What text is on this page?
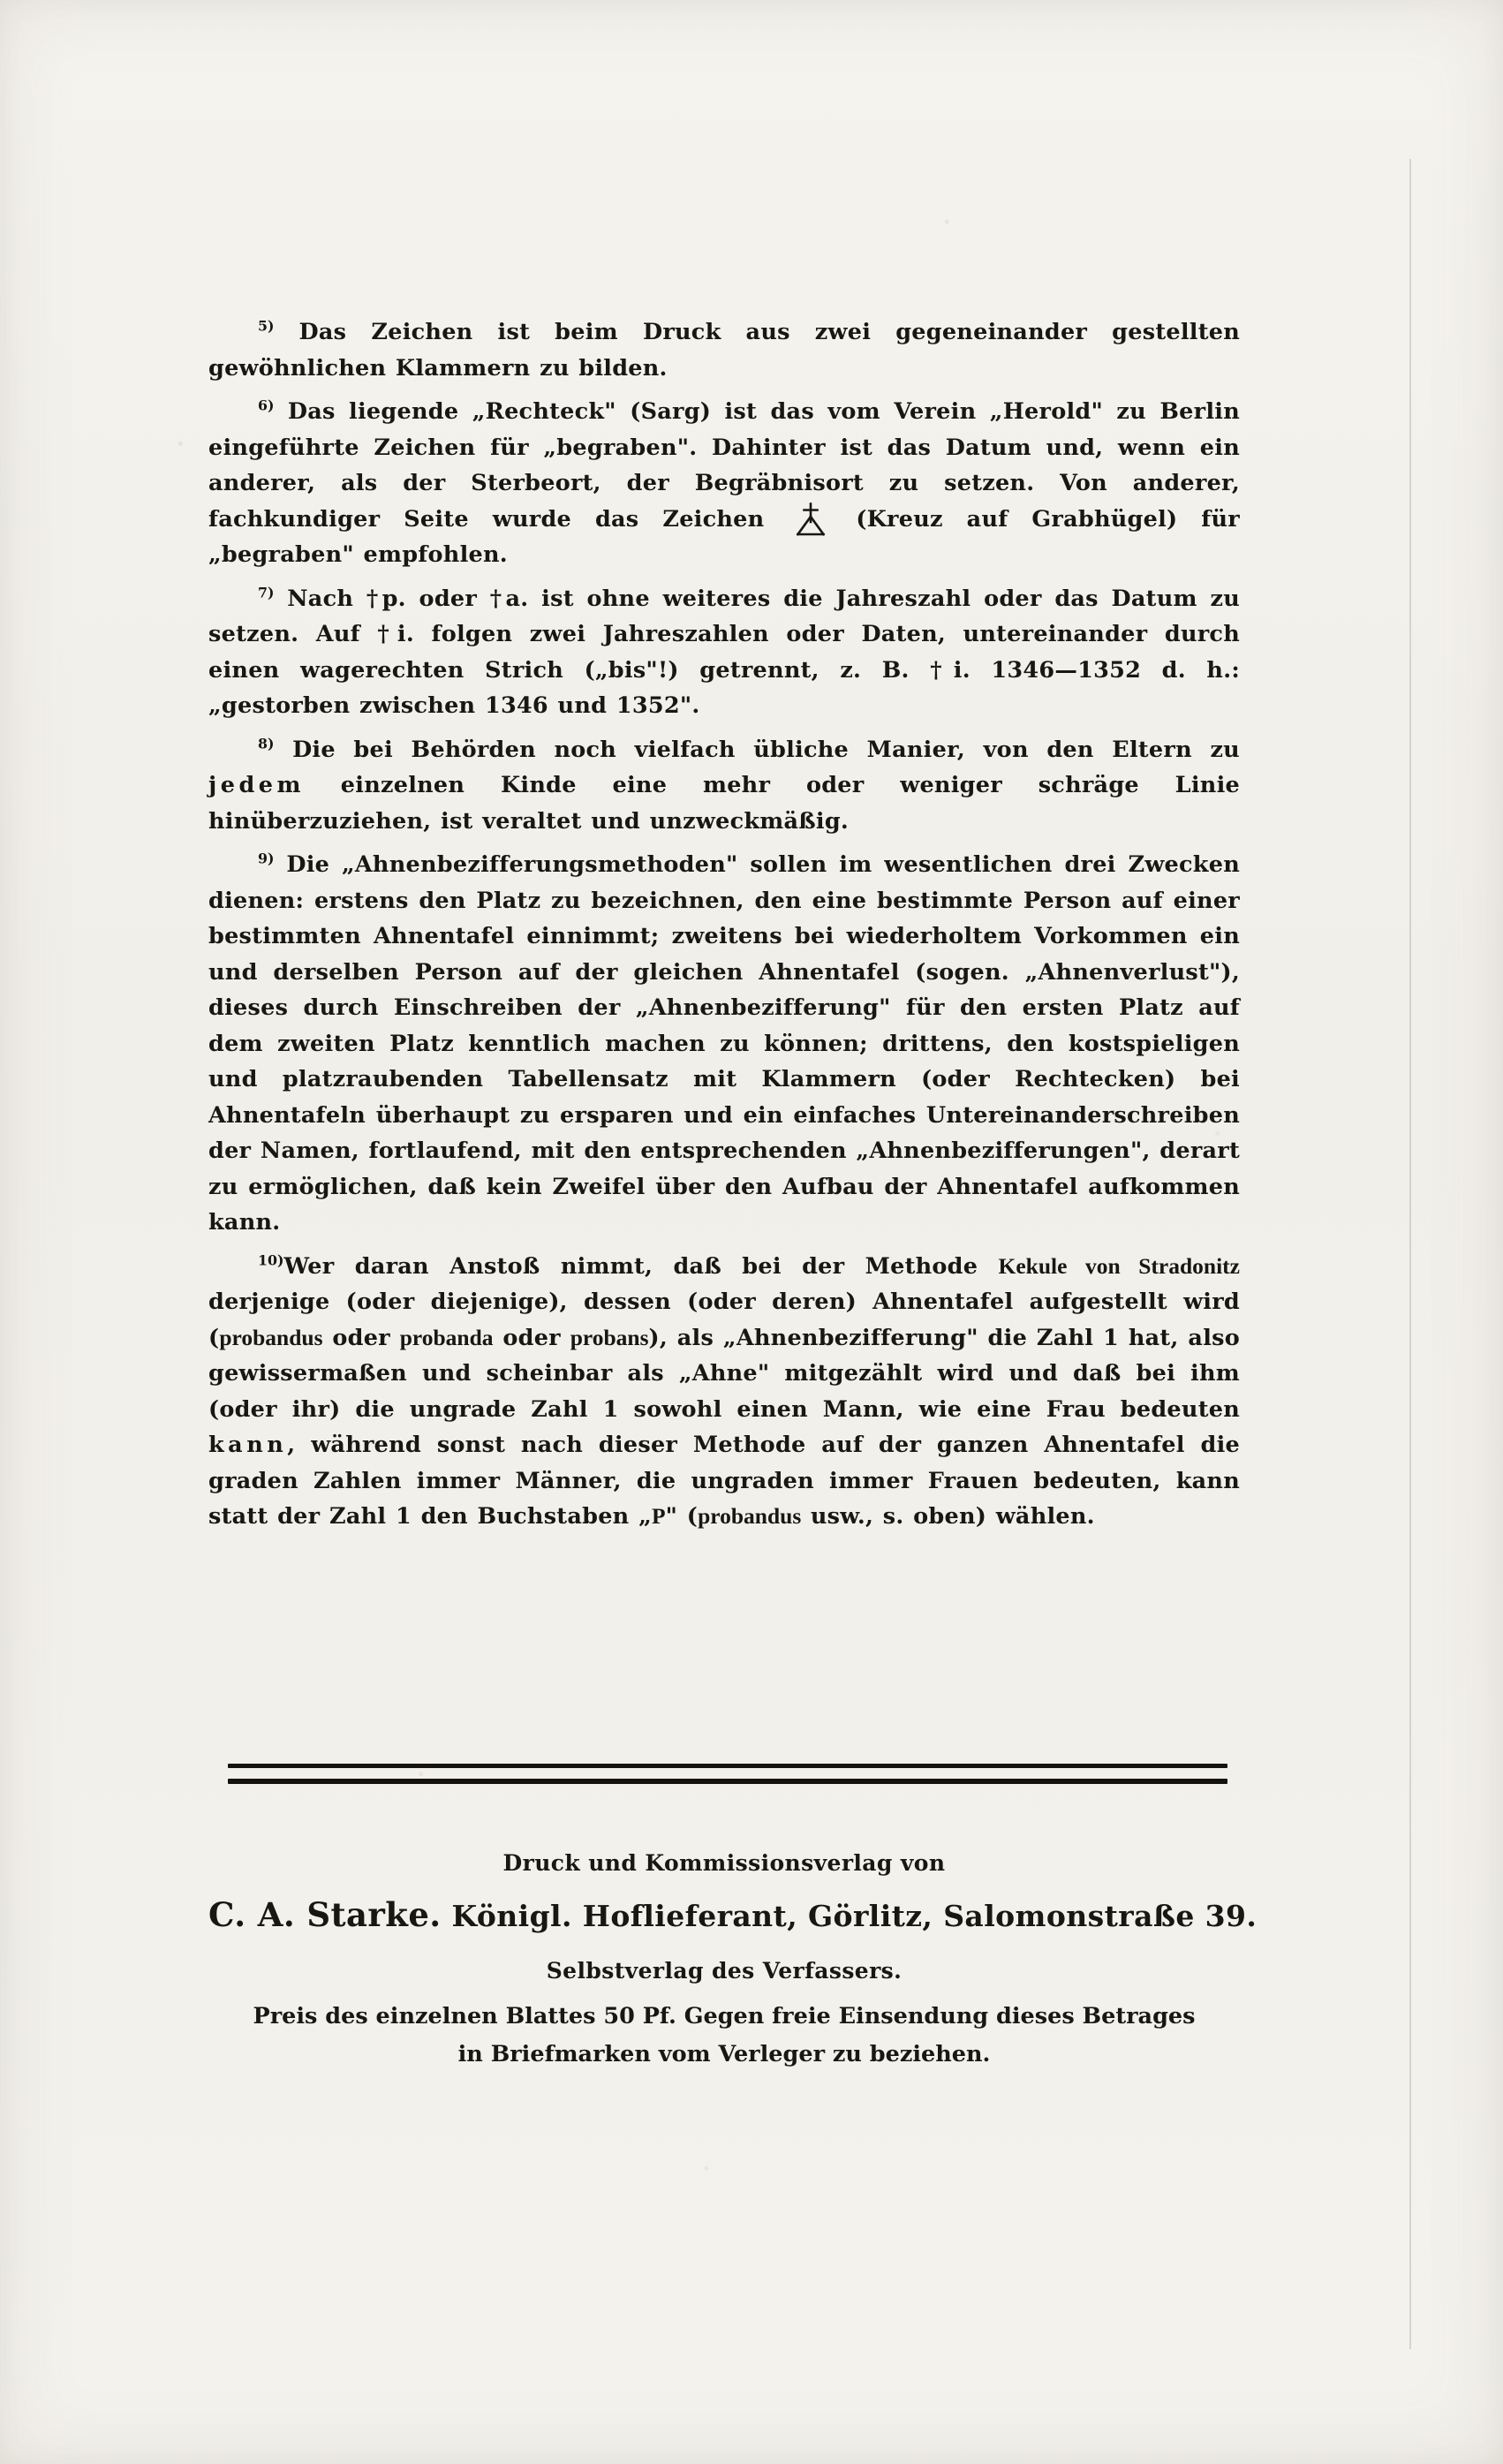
$^{5)}$ Das Zeichen ist beim Druck aus zwei gegeneinander gestellten gewöhnlichen Klammern zu bilden.

$^{6)}$ Das liegende „Rechteck" (Sarg) ist das vom Verein „Herold" zu Berlin eingeführte Zeichen für „begraben". Dahinter ist das Datum und, wenn ein anderer, als der Sterbeort, der Begräbnisort zu setzen. Von anderer, fachkundiger Seite wurde das Zeichen
(Kreuz auf Grabhügel) für „begraben" empfohlen.

$^{7)}$ Nach †p. oder †a. ist ohne weiteres die Jahreszahl oder das Datum zu setzen. Auf †i. folgen zwei Jahreszahlen oder Daten, untereinander durch einen wagerechten Strich („bis"!) getrennt, z. B. †i. 1346—1352 d. h.: „gestorben zwischen 1346 und 1352".

$^{8)}$ Die bei Behörden noch vielfach übliche Manier, von den Eltern zu jedem einzelnen Kinde eine mehr oder weniger schräge Linie hinüberzuziehen, ist veraltet und unzweckmäßig.

$^{9)}$ Die „Ahnenbezifferungsmethoden" sollen im wesentlichen drei Zwecken dienen: erstens den Platz zu bezeichnen, den eine bestimmte Person auf einer bestimmten Ahnentafel einnimmt; zweitens bei wiederholtem Vorkommen ein und derselben Person auf der gleichen Ahnentafel (sogen. „Ahnenverlust"), dieses durch Einschreiben der „Ahnenbezifferung" für den ersten Platz auf dem zweiten Platz kenntlich machen zu können; drittens, den kostspieligen und platzraubenden Tabellensatz mit Klammern (oder Rechtecken) bei Ahnentafeln überhaupt zu ersparen und ein einfaches Untereinanderschreiben der Namen, fortlaufend, mit den entsprechenden „Ahnenbezifferungen", derart zu ermöglichen, daß kein Zweifel über den Aufbau der Ahnentafel aufkommen kann.

$^{10)}$Wer daran Anstoß nimmt, daß bei der Methode Kekule von Stradonitz derjenige (oder diejenige), dessen (oder deren) Ahnentafel aufgestellt wird (probandus oder probanda oder probans), als „Ahnenbezifferung" die Zahl 1 hat, also gewissermaßen und scheinbar als „Ahne" mitgezählt wird und daß bei ihm (oder ihr) die ungrade Zahl 1 sowohl einen Mann, wie eine Frau bedeuten kann, während sonst nach dieser Methode auf der ganzen Ahnentafel die graden Zahlen immer Männer, die ungraden immer Frauen bedeuten, kann statt der Zahl 1 den Buchstaben „P" (probandus usw., s. oben) wählen.

Druck und Kommissionsverlag von
C. A. Starke. Königl. Hoflieferant, Görlitz, Salomonstraße 39.
Selbstverlag des Verfassers.
Preis des einzelnen Blattes 50 Pf. Gegen freie Einsendung dieses Betrages
in Briefmarken vom Verleger zu beziehen.
